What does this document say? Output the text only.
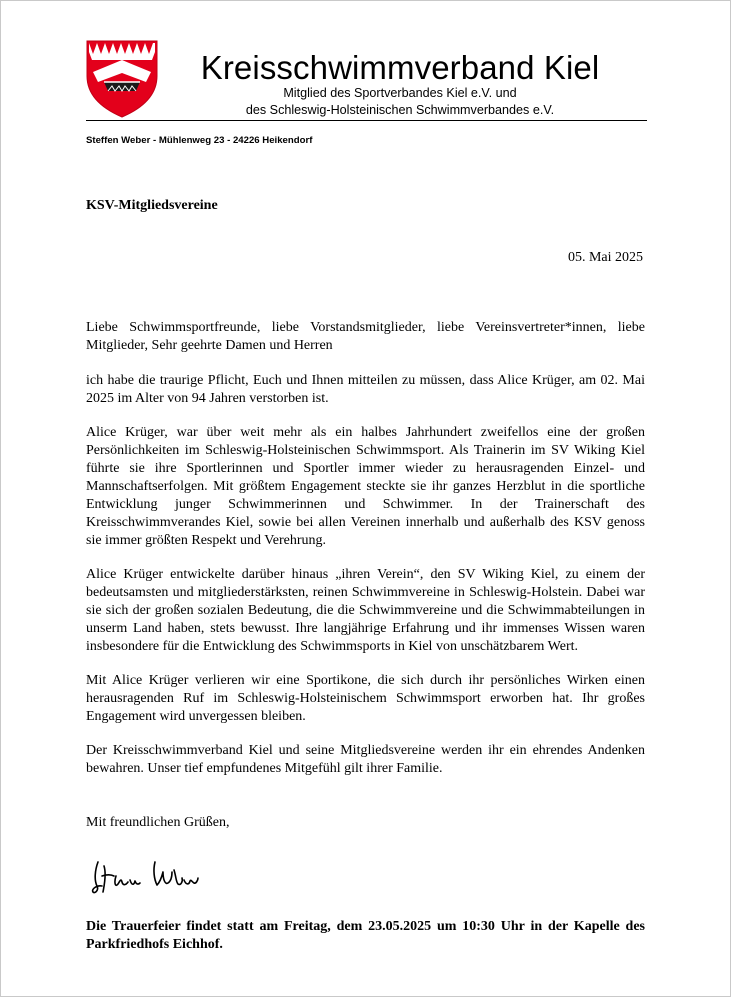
Kreisschwimmverband Kiel
Mitglied des Sportverbandes Kiel e.V. und
des Schleswig-Holsteinischen Schwimmverbandes e.V.
Steffen Weber - Mühlenweg 23 - 24226 Heikendorf
KSV-Mitgliedsvereine
05. Mai 2025

Liebe Schwimmsportfreunde, liebe Vorstandsmitglieder, liebe Vereinsvertreter*innen, liebe Mitglieder, Sehr geehrte Damen und Herren

ich habe die traurige Pflicht, Euch und Ihnen mitteilen zu müssen, dass Alice Krüger, am 02. Mai 2025 im Alter von 94 Jahren verstorben ist.

Alice Krüger, war über weit mehr als ein halbes Jahrhundert zweifellos eine der großen Persönlichkeiten im Schleswig-Holsteinischen Schwimmsport. Als Trainerin im SV Wiking Kiel führte sie ihre Sportlerinnen und Sportler immer wieder zu herausragenden Einzel- und Mannschaftserfolgen. Mit größtem Engagement steckte sie ihr ganzes Herzblut in die sportliche Entwicklung junger Schwimmerinnen und Schwimmer. In der Trainerschaft des Kreisschwimmverandes Kiel, sowie bei allen Vereinen innerhalb und außerhalb des KSV genoss sie immer größten Respekt und Verehrung.

Alice Krüger entwickelte darüber hinaus „ihren Verein“, den SV Wiking Kiel, zu einem der bedeutsamsten und mitgliederstärksten, reinen Schwimmvereine in Schleswig-Holstein. Dabei war sie sich der großen sozialen Bedeutung, die die Schwimmvereine und die Schwimmabteilungen in unserm Land haben, stets bewusst. Ihre langjährige Erfahrung und ihr immenses Wissen waren insbesondere für die Entwicklung des Schwimmsports in Kiel von unschätzbarem Wert.

Mit Alice Krüger verlieren wir eine Sportikone, die sich durch ihr persönliches Wirken einen herausragenden Ruf im Schleswig-Holsteinischem Schwimmsport erworben hat. Ihr großes Engagement wird unvergessen bleiben.

Der Kreisschwimmverband Kiel und seine Mitgliedsvereine werden ihr ein ehrendes Andenken bewahren. Unser tief empfundenes Mitgefühl gilt ihrer Familie.

Mit freundlichen Grüßen,
Die Trauerfeier findet statt am Freitag, dem 23.05.2025 um 10:30 Uhr in der Kapelle des Parkfriedhofs Eichhof.
